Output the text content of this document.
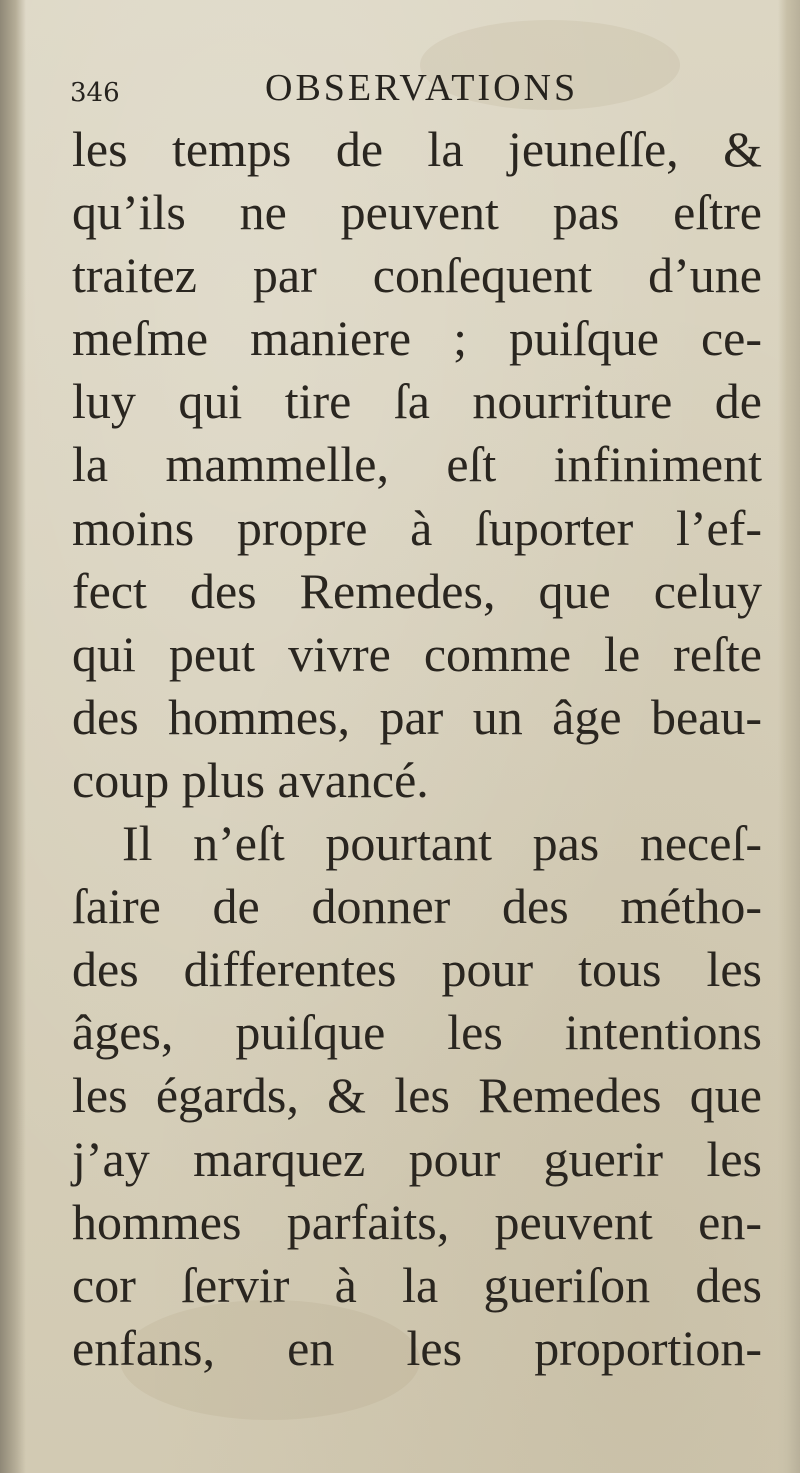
346	OBSERVATIONS
les temps de la jeuneſſe, &
qu’ils ne peuvent pas eſtre
traitez par conſequent d’une
meſme maniere ; puiſque ce-
luy qui tire ſa nourriture de
la mammelle, eſt infiniment
moins propre à ſuporter l’ef-
fect des Remedes, que celuy
qui peut vivre comme le reſte
des hommes, par un âge beau-
coup plus avancé.
Il n’eſt pourtant pas neceſ-
ſaire de donner des métho-
des differentes pour tous les
âges, puiſque les intentions
les égards, & les Remedes que
j’ay marquez pour guerir les
hommes parfaits, peuvent en-
cor ſervir à la gueriſon des
enfans, en les proportion-
